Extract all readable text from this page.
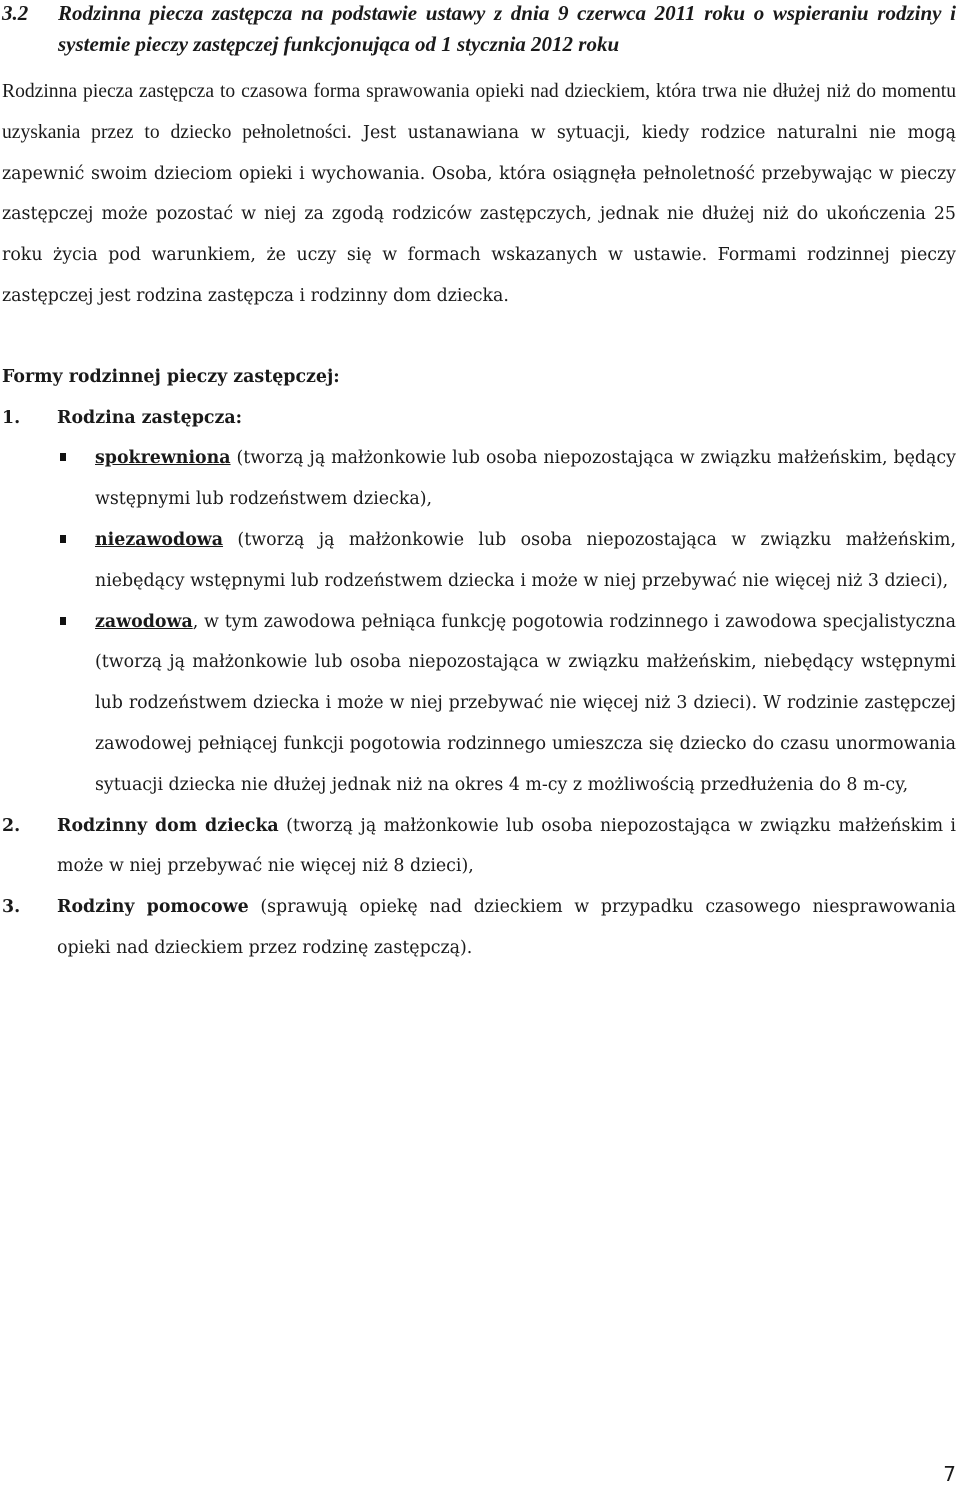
3.2	Rodzinna piecza zastępcza na podstawie ustawy z dnia 9 czerwca 2011 roku o wspieraniu rodziny i systemie pieczy zastępczej funkcjonująca od 1 stycznia 2012 roku

Rodzinna piecza zastępcza to czasowa forma sprawowania opieki nad dzieckiem, która trwa nie dłużej niż do momentu uzyskania przez to dziecko pełnoletności. Jest ustanawiana w sytuacji, kiedy rodzice naturalni nie mogą zapewnić swoim dzieciom opieki i wychowania. Osoba, która osiągnęła pełnoletność przebywając w pieczy zastępczej może pozostać w niej za zgodą rodziców zastępczych, jednak nie dłużej niż do ukończenia 25 roku życia pod warunkiem, że uczy się w formach wskazanych w ustawie. Formami rodzinnej pieczy zastępczej jest rodzina zastępcza i rodzinny dom dziecka.

Formy rodzinnej pieczy zastępczej:
1.	Rodzina zastępcza:
spokrewniona (tworzą ją małżonkowie lub osoba niepozostająca w związku małżeńskim, będący wstępnymi lub rodzeństwem dziecka),
niezawodowa (tworzą ją małżonkowie lub osoba niepozostająca w związku małżeńskim, niebędący wstępnymi lub rodzeństwem dziecka i może w niej przebywać nie więcej niż 3 dzieci),
zawodowa, w tym zawodowa pełniąca funkcję pogotowia rodzinnego i zawodowa specjalistyczna (tworzą ją małżonkowie lub osoba niepozostająca w związku małżeńskim, niebędący wstępnymi lub rodzeństwem dziecka i może w niej przebywać nie więcej niż 3 dzieci). W rodzinie zastępczej zawodowej pełniącej funkcji pogotowia rodzinnego umieszcza się dziecko do czasu unormowania sytuacji dziecka nie dłużej jednak niż na okres 4 m-cy z możliwością przedłużenia do 8 m-cy,
2.	Rodzinny dom dziecka (tworzą ją małżonkowie lub osoba niepozostająca w związku małżeńskim i może w niej przebywać nie więcej niż 8 dzieci),
3.	Rodziny pomocowe (sprawują opiekę nad dzieckiem w przypadku czasowego niesprawowania opieki nad dzieckiem przez rodzinę zastępczą).
7
